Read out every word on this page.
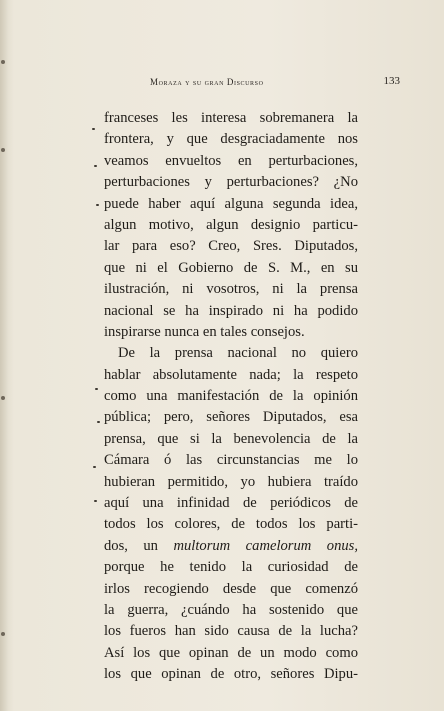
Moraza y su gran Discurso	133
franceses les interesa sobremanera la
frontera, y que desgraciadamente nos
veamos envueltos en perturbaciones,
perturbaciones y perturbaciones? ¿No
puede haber aquí alguna segunda idea,
algun motivo, algun designio particu-
lar para eso? Creo, Sres. Diputados,
que ni el Gobierno de S. M., en su
ilustración, ni vosotros, ni la prensa
nacional se ha inspirado ni ha podido
inspirarse nunca en tales consejos.
De la prensa nacional no quiero
hablar absolutamente nada; la respeto
como una manifestación de la opinión
pública; pero, señores Diputados, esa
prensa, que si la benevolencia de la
Cámara ó las circunstancias me lo
hubieran permitido, yo hubiera traído
aquí una infinidad de periódicos de
todos los colores, de todos los parti-
dos, un multorum camelorum onus,
porque he tenido la curiosidad de
irlos recogiendo desde que comenzó
la guerra, ¿cuándo ha sostenido que
los fueros han sido causa de la lucha?
Así los que opinan de un modo como
los que opinan de otro, señores Dipu-
